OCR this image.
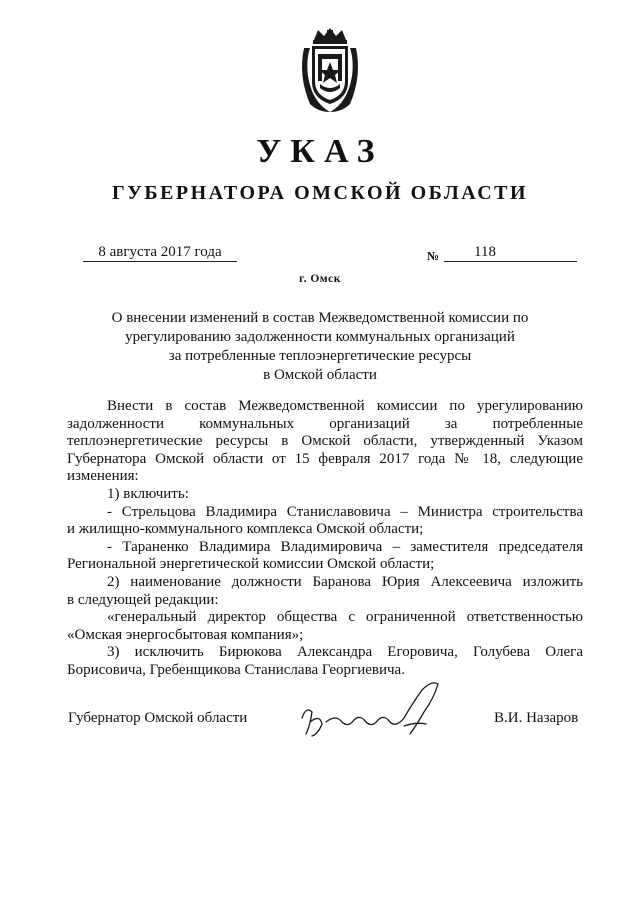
УКАЗ
ГУБЕРНАТОРА ОМСКОЙ ОБЛАСТИ
8 августа 2017 года	№	118
г. Омск
О внесении изменений в состав Межведомственной комиссии по
урегулированию задолженности коммунальных организаций
за потребленные теплоэнергетические ресурсы
в Омской области
Внести в состав Межведомственной комиссии по урегулированию
задолженности коммунальных организаций за потребленные
теплоэнергетические ресурсы в Омской области, утвержденный Указом
Губернатора Омской области от 15 февраля 2017 года № 18, следующие
изменения:
1) включить:
- Стрельцова Владимира Станиславовича – Министра строительства
и жилищно-коммунального комплекса Омской области;
- Тараненко Владимира Владимировича – заместителя председателя
Региональной энергетической комиссии Омской области;
2) наименование должности Баранова Юрия Алексеевича изложить
в следующей редакции:
«генеральный директор общества с ограниченной ответственностью
«Омская энергосбытовая компания»;
3) исключить Бирюкова Александра Егоровича, Голубева Олега
Борисовича, Гребенщикова Станислава Георгиевича.
Губернатор Омской области	В.И. Назаров
